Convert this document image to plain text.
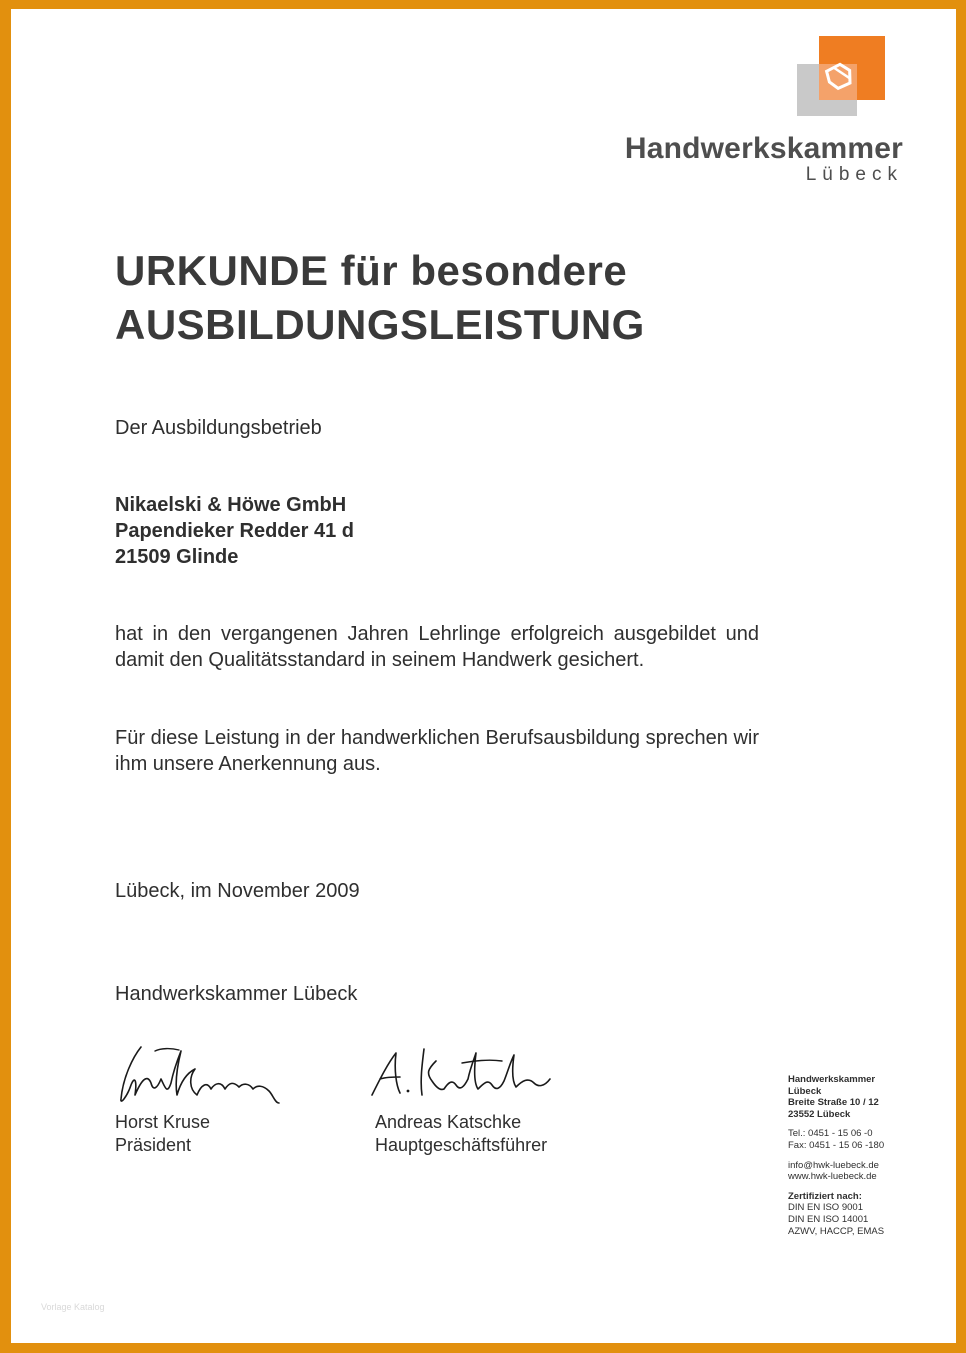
Handwerkskammer
Lübeck
URKUNDE für besondere
AUSBILDUNGSLEISTUNG
Der Ausbildungsbetrieb
Nikaelski & Höwe GmbH
Papendieker Redder 41 d
21509 Glinde
hat in den vergangenen Jahren Lehrlinge erfolgreich ausgebildet und damit den Qualitätsstandard in seinem Handwerk gesichert.
Für diese Leistung in der handwerklichen Berufsausbildung sprechen wir ihm unsere Anerkennung aus.
Lübeck, im November 2009
Handwerkskammer Lübeck
Horst Kruse
Präsident
Andreas Katschke
Hauptgeschäftsführer
Handwerkskammer
Lübeck
Breite Straße 10 / 12
23552 Lübeck
Tel.: 0451 - 15 06 -0
Fax: 0451 - 15 06 -180
info@hwk-luebeck.de
www.hwk-luebeck.de
Zertifiziert nach:
DIN EN ISO 9001
DIN EN ISO 14001
AZWV, HACCP, EMAS
Vorlage Katalog
